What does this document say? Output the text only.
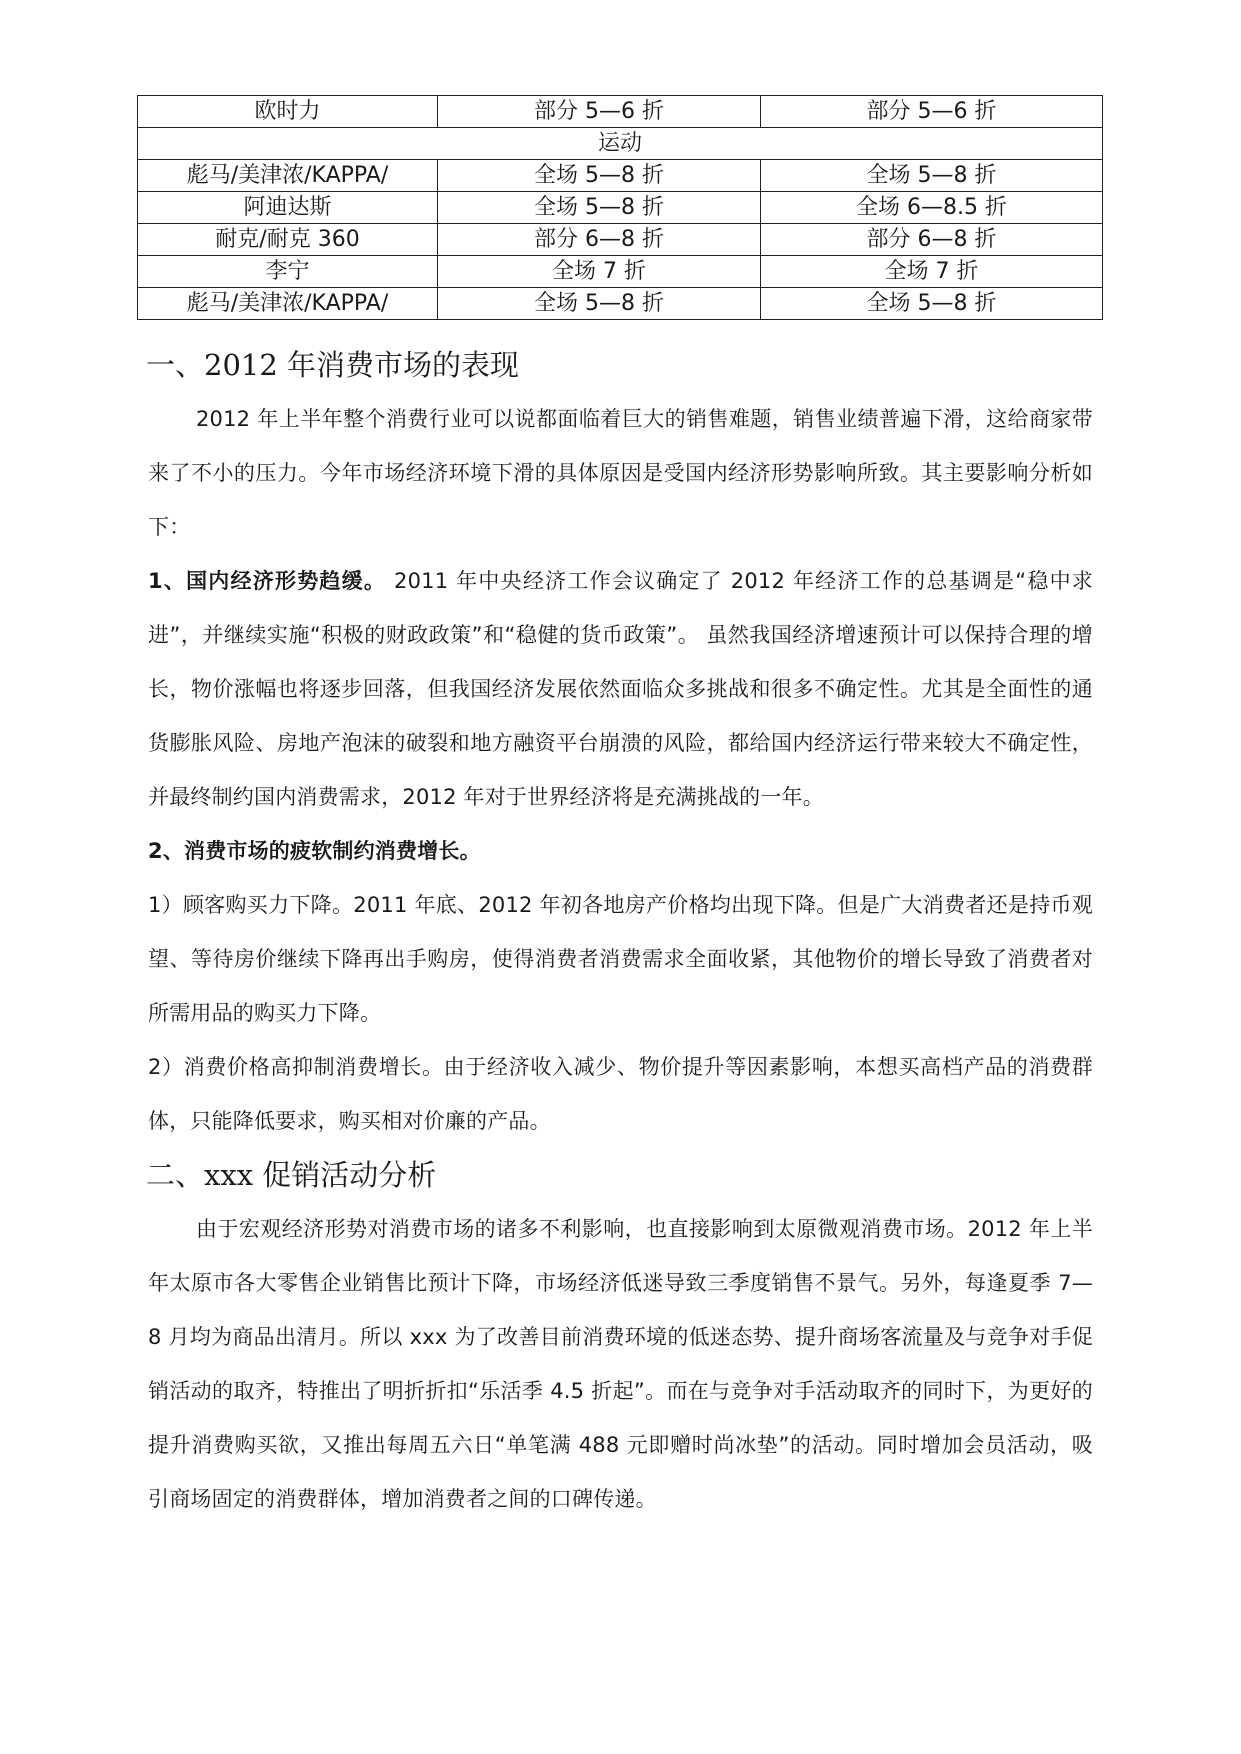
欧时力	部分 5—6 折	部分 5—6 折
运动		
彪马/美津浓/KAPPA/	全场 5—8 折	全场 5—8 折
阿迪达斯	全场 5—8 折	全场 6—8.5 折
耐克/耐克 360	部分 6—8 折	部分 6—8 折
李宁	全场 7 折	全场 7 折
彪马/美津浓/KAPPA/	全场 5—8 折	全场 5—8 折
一、2012 年消费市场的表现

2012 年上半年整个消费行业可以说都面临着巨大的销售难题，销售业绩普遍下滑，这给商家带来了不小的压力。今年市场经济环境下滑的具体原因是受国内经济形势影响所致。其主要影响分析如下：

1、国内经济形势趋缓。 2011 年中央经济工作会议确定了 2012 年经济工作的总基调是“稳中求进”，并继续实施“积极的财政政策”和“稳健的货币政策”。 虽然我国经济增速预计可以保持合理的增长，物价涨幅也将逐步回落，但我国经济发展依然面临众多挑战和很多不确定性。尤其是全面性的通货膨胀风险、房地产泡沫的破裂和地方融资平台崩溃的风险，都给国内经济运行带来较大不确定性，并最终制约国内消费需求，2012 年对于世界经济将是充满挑战的一年。

2、消费市场的疲软制约消费增长。

1）顾客购买力下降。2011 年底、2012 年初各地房产价格均出现下降。但是广大消费者还是持币观望、等待房价继续下降再出手购房，使得消费者消费需求全面收紧，其他物价的增长导致了消费者对所需用品的购买力下降。

2）消费价格高抑制消费增长。由于经济收入减少、物价提升等因素影响，本想买高档产品的消费群体，只能降低要求，购买相对价廉的产品。

二、xxx 促销活动分析

由于宏观经济形势对消费市场的诸多不利影响，也直接影响到太原微观消费市场。2012 年上半年太原市各大零售企业销售比预计下降，市场经济低迷导致三季度销售不景气。另外，每逢夏季 7—8 月均为商品出清月。所以 xxx 为了改善目前消费环境的低迷态势、提升商场客流量及与竞争对手促销活动的取齐，特推出了明折折扣“乐活季 4.5 折起”。而在与竞争对手活动取齐的同时下，为更好的提升消费购买欲，又推出每周五六日“单笔满 488 元即赠时尚冰垫”的活动。同时增加会员活动，吸引商场固定的消费群体，增加消费者之间的口碑传递。
